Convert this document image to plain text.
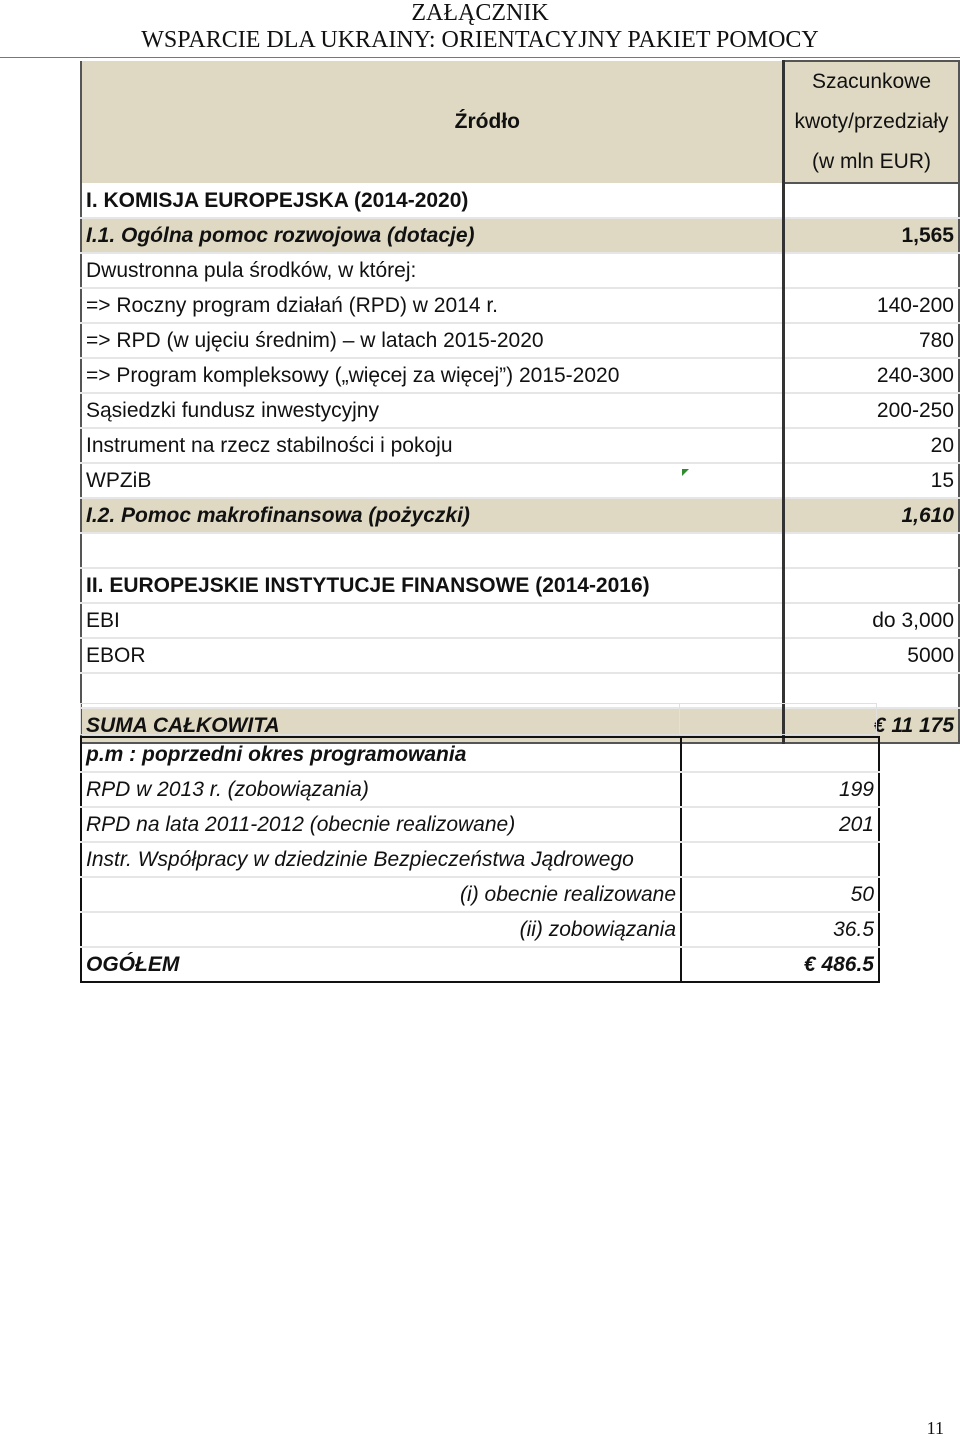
ZAŁĄCZNIK
WSPARCIE DLA UKRAINY: ORIENTACYJNY PAKIET POMOCY
Źródło	Szacunkowe
kwoty/przedziały
(w mln EUR)

I. KOMISJA EUROPEJSKA (2014-2020)	
I.1. Ogólna pomoc rozwojowa (dotacje)	1,565
Dwustronna pula środków, w której:	
=> Roczny program działań (RPD) w 2014 r.	140-200
=> RPD (w ujęciu średnim) – w latach 2015-2020	780
=> Program kompleksowy („więcej za więcej”) 2015-2020	240-300
Sąsiedzki fundusz inwestycyjny	200-250
Instrument na rzecz stabilności i pokoju	20
WPZiB	15
I.2. Pomoc makrofinansowa (pożyczki)	1,610

II. EUROPEJSKIE INSTYTUCJE FINANSOWE (2014-2016)	
EBI	do 3,000
EBOR	5000

SUMA CAŁKOWITA	€ 11 175

p.m : poprzedni okres programowania	
RPD w 2013 r. (zobowiązania)	199
RPD na lata 2011-2012 (obecnie realizowane)	201
Instr. Współpracy w dziedzinie Bezpieczeństwa Jądrowego	
(i) obecnie realizowane	50
(ii) zobowiązania	36.5
OGÓŁEM	€ 486.5
11
